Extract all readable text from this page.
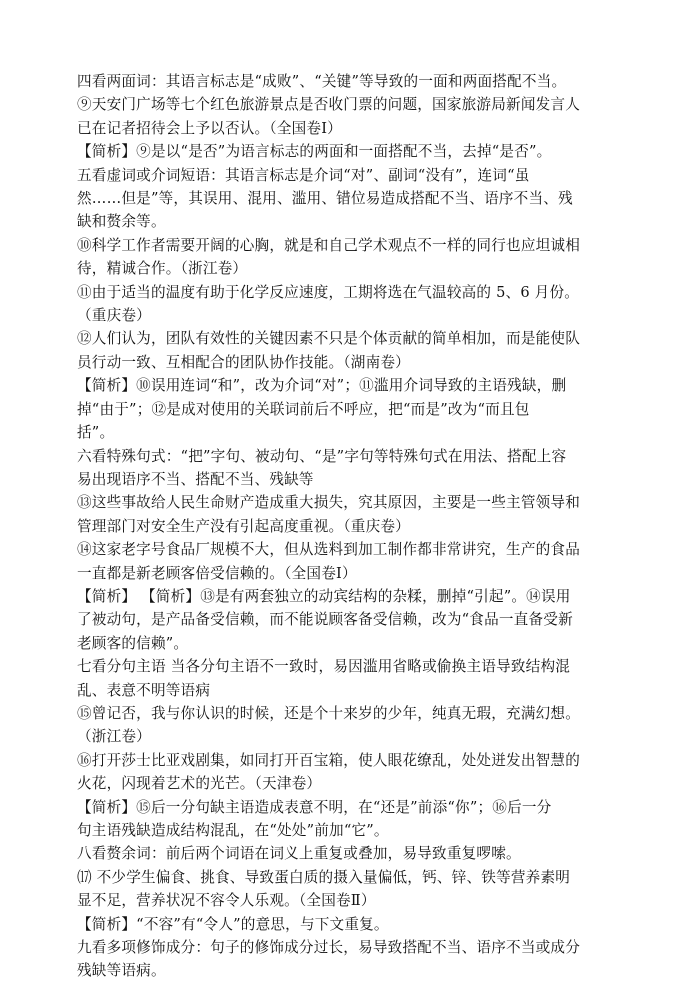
四看两面词：其语言标志是“成败”、“关键”等导致的一面和两面搭配不当。
⑨天安门广场等七个红色旅游景点是否收门票的问题，国家旅游局新闻发言人
已在记者招待会上予以否认。（全国卷Ⅰ）
【简析】⑨是以“是否”为语言标志的两面和一面搭配不当，去掉“是否”。
五看虚词或介词短语：其语言标志是介词“对”、副词“没有”，连词“虽
然……但是”等，其误用、混用、滥用、错位易造成搭配不当、语序不当、残
缺和赘余等。
⑩科学工作者需要开阔的心胸，就是和自己学术观点不一样的同行也应坦诚相
待，精诚合作。（浙江卷）
⑪由于适当的温度有助于化学反应速度，工期将选在气温较高的 5、6 月份。
（重庆卷）
⑫人们认为，团队有效性的关键因素不只是个体贡献的简单相加，而是能使队
员行动一致、互相配合的团队协作技能。（湖南卷）
【简析】⑩误用连词“和”，改为介词“对”；⑪滥用介词导致的主语残缺，删
掉“由于”；⑫是成对使用的关联词前后不呼应，把“而是”改为“而且包
括”。
六看特殊句式：“把”字句、被动句、“是”字句等特殊句式在用法、搭配上容
易出现语序不当、搭配不当、残缺等
⑬这些事故给人民生命财产造成重大损失，究其原因，主要是一些主管领导和
管理部门对安全生产没有引起高度重视。（重庆卷）
⑭这家老字号食品厂规模不大，但从选料到加工制作都非常讲究，生产的食品
一直都是新老顾客倍受信赖的。（全国卷Ⅰ）
【简析】 【简析】⑬是有两套独立的动宾结构的杂糅，删掉“引起”。⑭误用
了被动句，是产品备受信赖，而不能说顾客备受信赖，改为“食品一直备受新
老顾客的信赖”。
七看分句主语 当各分句主语不一致时，易因滥用省略或偷换主语导致结构混
乱、表意不明等语病
⑮曾记否，我与你认识的时候，还是个十来岁的少年，纯真无瑕，充满幻想。
（浙江卷）
⑯打开莎士比亚戏剧集，如同打开百宝箱，使人眼花缭乱，处处迸发出智慧的
火花，闪现着艺术的光芒。（天津卷）
【简析】⑮后一分句缺主语造成表意不明，在“还是”前添“你”；⑯后一分
句主语残缺造成结构混乱，在“处处”前加“它”。
八看赘余词：前后两个词语在词义上重复或叠加，易导致重复啰嗦。
⒄ 不少学生偏食、挑食、导致蛋白质的摄入量偏低，钙、锌、铁等营养素明
显不足，营养状况不容令人乐观。（全国卷Ⅱ）
【简析】“不容”有“令人”的意思，与下文重复。
九看多项修饰成分：句子的修饰成分过长，易导致搭配不当、语序不当或成分
残缺等语病。
